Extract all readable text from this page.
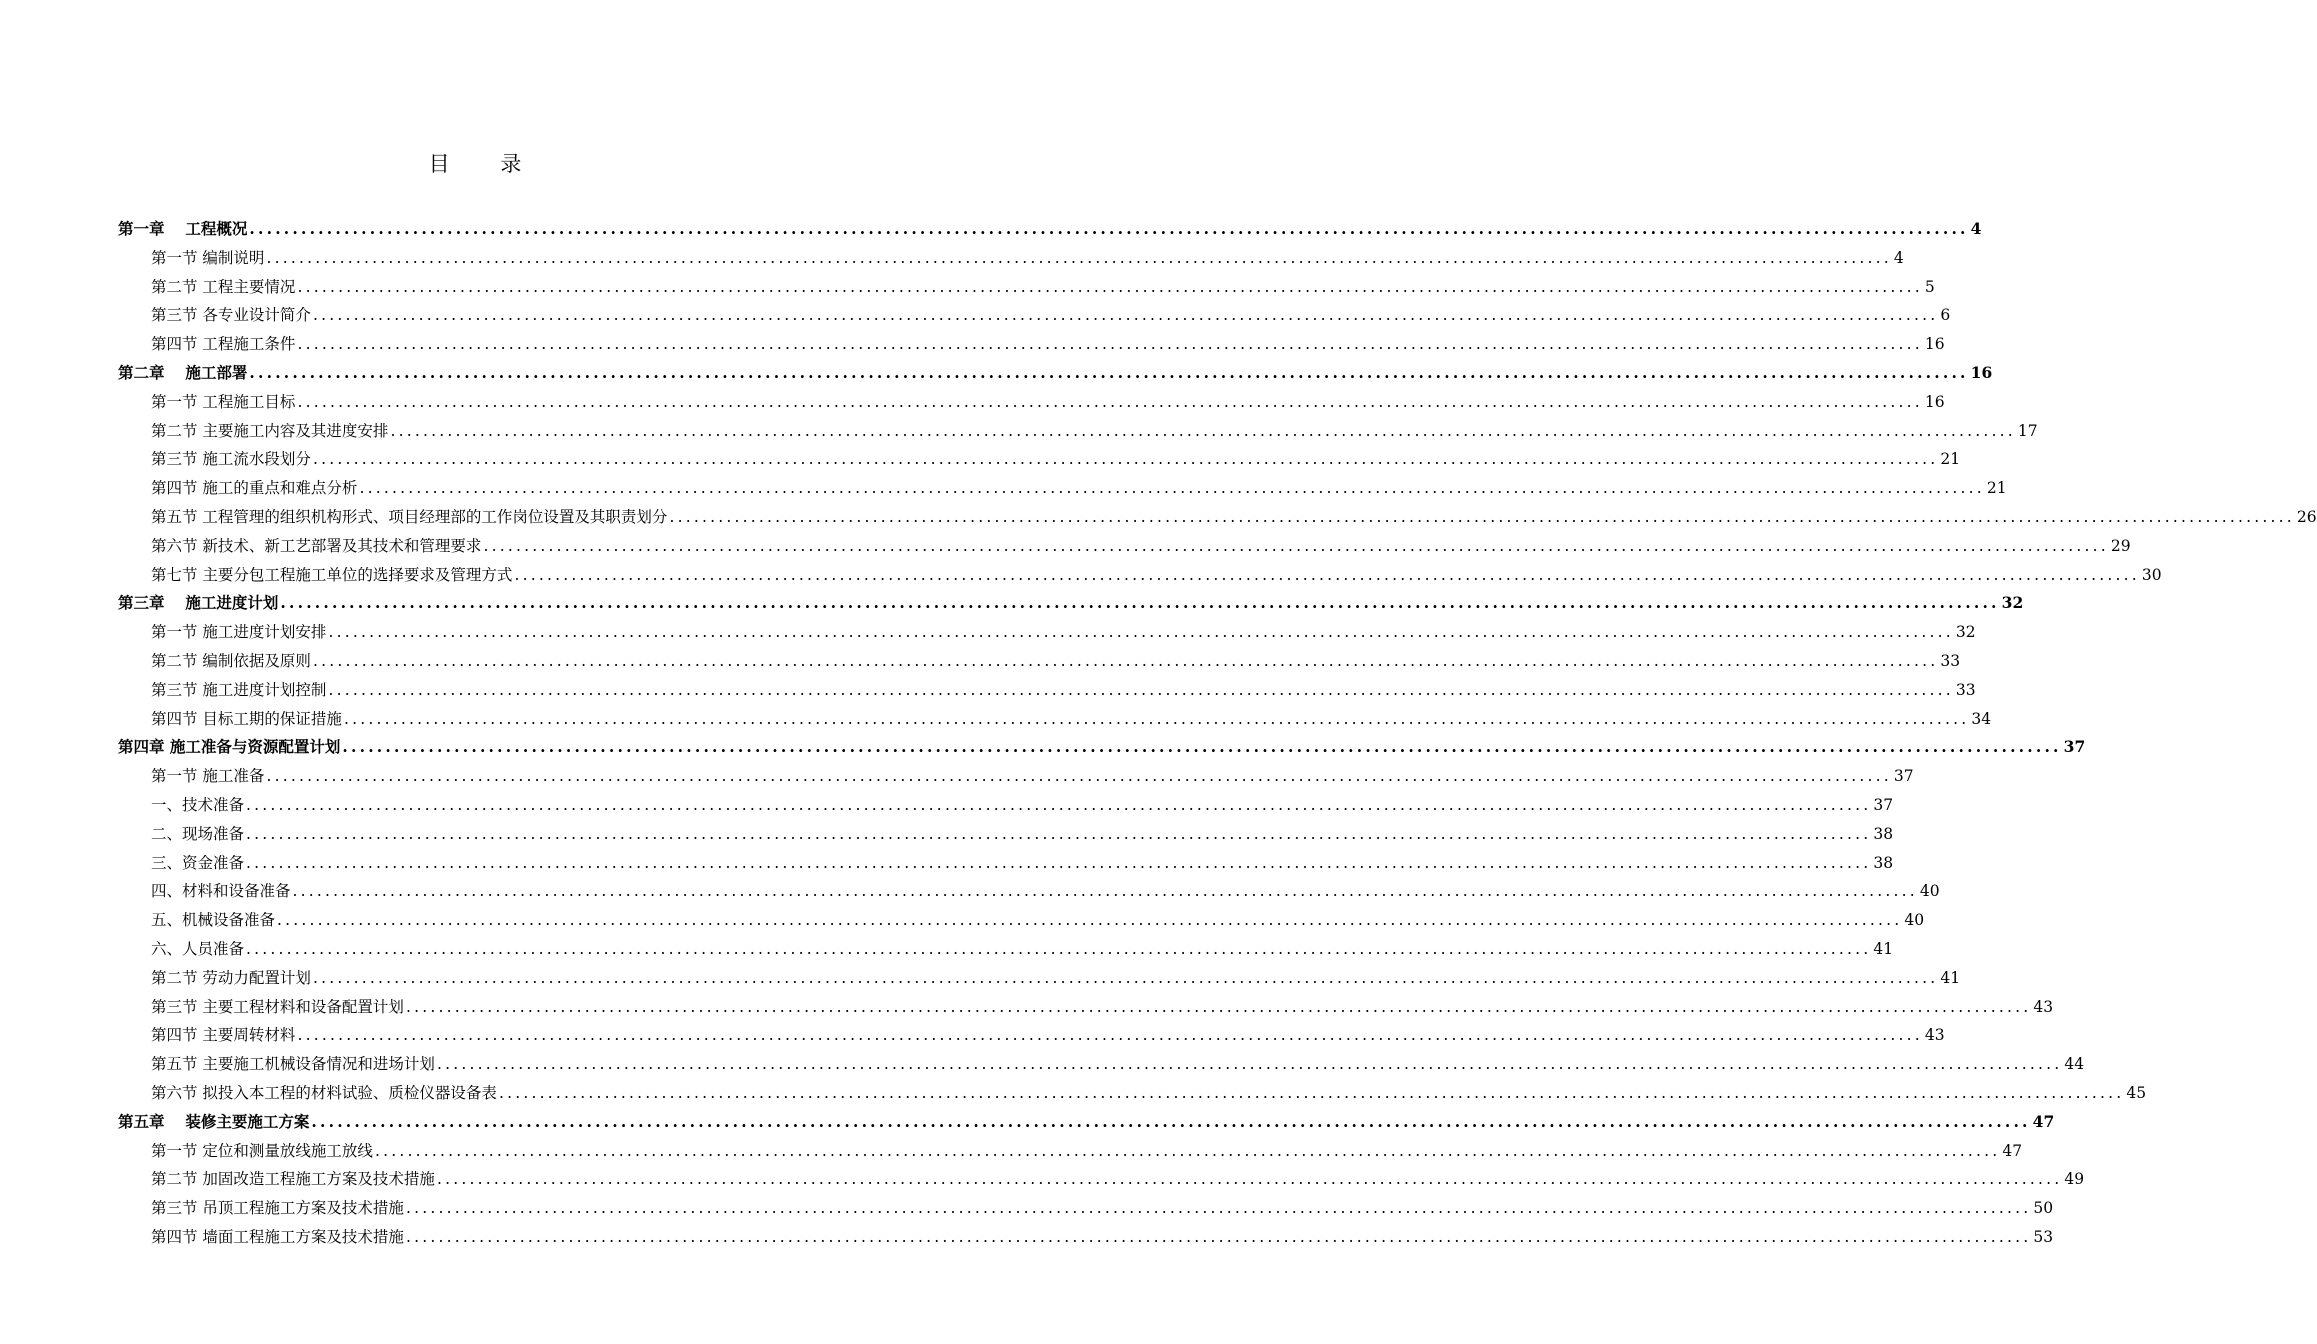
目 录
第一章　 工程概况 ........................................................................................................................................................................................................ 4
第一节 编制说明 ........................................................................................................................................................................................................ 4
第二节 工程主要情况 ........................................................................................................................................................................................................ 5
第三节 各专业设计简介 ........................................................................................................................................................................................................ 6
第四节 工程施工条件 ........................................................................................................................................................................................................ 16
第二章　 施工部署 ........................................................................................................................................................................................................ 16
第一节 工程施工目标 ........................................................................................................................................................................................................ 16
第二节 主要施工内容及其进度安排 ........................................................................................................................................................................................................ 17
第三节 施工流水段划分 ........................................................................................................................................................................................................ 21
第四节 施工的重点和难点分析 ........................................................................................................................................................................................................ 21
第五节 工程管理的组织机构形式、项目经理部的工作岗位设置及其职责划分 ........................................................................................................................................................................................................ 26
第六节 新技术、新工艺部署及其技术和管理要求 ........................................................................................................................................................................................................ 29
第七节 主要分包工程施工单位的选择要求及管理方式 ........................................................................................................................................................................................................ 30
第三章　 施工进度计划 ........................................................................................................................................................................................................ 32
第一节 施工进度计划安排 ........................................................................................................................................................................................................ 32
第二节 编制依据及原则 ........................................................................................................................................................................................................ 33
第三节 施工进度计划控制 ........................................................................................................................................................................................................ 33
第四节 目标工期的保证措施 ........................................................................................................................................................................................................ 34
第四章 施工准备与资源配置计划 ........................................................................................................................................................................................................ 37
第一节 施工准备 ........................................................................................................................................................................................................ 37
一、技术准备 ........................................................................................................................................................................................................ 37
二、现场准备 ........................................................................................................................................................................................................ 38
三、资金准备 ........................................................................................................................................................................................................ 38
四、材料和设备准备 ........................................................................................................................................................................................................ 40
五、机械设备准备 ........................................................................................................................................................................................................ 40
六、人员准备 ........................................................................................................................................................................................................ 41
第二节 劳动力配置计划 ........................................................................................................................................................................................................ 41
第三节 主要工程材料和设备配置计划 ........................................................................................................................................................................................................ 43
第四节 主要周转材料 ........................................................................................................................................................................................................ 43
第五节 主要施工机械设备情况和进场计划 ........................................................................................................................................................................................................ 44
第六节 拟投入本工程的材料试验、质检仪器设备表 ........................................................................................................................................................................................................ 45
第五章　 装修主要施工方案 ........................................................................................................................................................................................................ 47
第一节 定位和测量放线施工放线 ........................................................................................................................................................................................................ 47
第二节 加固改造工程施工方案及技术措施 ........................................................................................................................................................................................................ 49
第三节 吊顶工程施工方案及技术措施 ........................................................................................................................................................................................................ 50
第四节 墙面工程施工方案及技术措施 ........................................................................................................................................................................................................ 53
